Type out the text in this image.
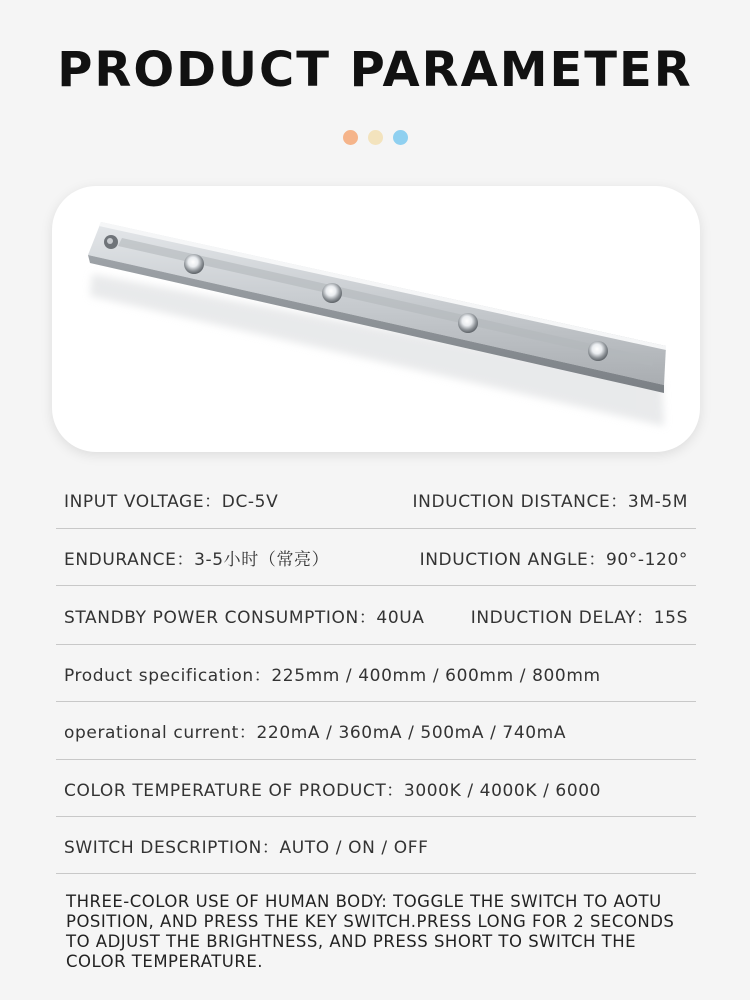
PRODUCT PARAMETER
INPUT VOLTAGE：DC-5V	INDUCTION DISTANCE：3M-5M
ENDURANCE：3-5小时（常亮）	INDUCTION ANGLE：90°-120°
STANDBY POWER CONSUMPTION：40UA	INDUCTION DELAY：15S
Product specification：225mm / 400mm / 600mm / 800mm
operational current：220mA / 360mA / 500mA / 740mA
COLOR TEMPERATURE OF PRODUCT：3000K / 4000K / 6000
SWITCH DESCRIPTION：AUTO / ON / OFF
THREE-COLOR USE OF HUMAN BODY: TOGGLE THE SWITCH TO AOTU POSITION, AND PRESS THE KEY SWITCH.PRESS LONG FOR 2 SECONDS TO ADJUST THE BRIGHTNESS, AND PRESS SHORT TO SWITCH THE COLOR TEMPERATURE.
